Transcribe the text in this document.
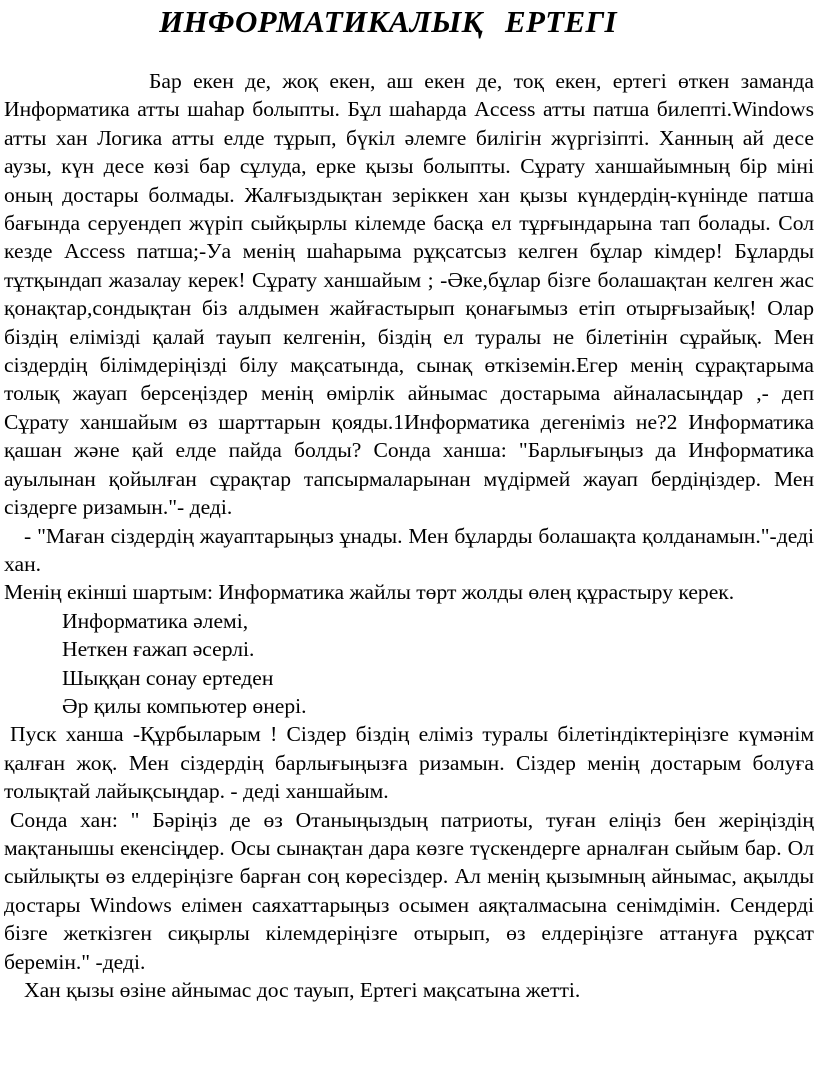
ИНФОРМАТИКАЛЫҚ ЕРТЕГІ

Бар екен де, жоқ екен, аш екен де, тоқ екен, ертегі өткен заманда Информатика атты шаһар болыпты. Бұл шаһарда Access атты патша билепті.Windows атты хан Логика атты елде тұрып, бүкіл әлемге билігін жүргізіпті. Ханның ай десе аузы, күн десе көзі бар сұлуда, ерке қызы болыпты. Сұрату ханшайымның бір міні оның достары болмады. Жалғыздықтан зеріккен хан қызы күндердің-күнінде патша бағында серуендеп жүріп сыйқырлы кілемде басқа ел тұрғындарына тап болады. Сол кезде Access патша;-Уа менің шаһарыма рұқсатсыз келген бұлар кімдер! Бұларды тұтқындап жазалау керек! Сұрату ханшайым ; -Әке,бұлар бізге болашақтан келген жас қонақтар,сондықтан біз алдымен жайғастырып қонағымыз етіп отырғызайық! Олар біздің елімізді қалай тауып келгенін, біздің ел туралы не білетінін сұрайық. Мен сіздердің білімдеріңізді білу мақсатында, сынақ өткіземін.Егер менің сұрақтарыма толық жауап берсеңіздер менің өмірлік айнымас достарыма айналасыңдар ,- деп Сұрату ханшайым өз шарттарын қояды.1Информатика дегеніміз не?2 Информатика қашан және қай елде пайда болды? Сонда ханша: "Барлығыңыз да Информатика ауылынан қойылған сұрақтар тапсырмаларынан мүдірмей жауап бердіңіздер. Мен сіздерге ризамын."- деді.

- "Маған сіздердің жауаптарыңыз ұнады. Мен бұларды болашақта қолданамын."-деді хан.

Менің екінші шартым: Информатика жайлы төрт жолды өлең құрастыру керек.

Информатика әлемі,
Неткен ғажап әсерлі.
Шыққан сонау ертеден
Әр қилы компьютер өнері.

Пуск ханша -Құрбыларым ! Сіздер біздің еліміз туралы білетіндіктеріңізге күмәнім қалған жоқ. Мен сіздердің барлығыңызға ризамын. Сіздер менің достарым болуға толықтай лайықсыңдар. - деді ханшайым.

Сонда хан: " Бәріңіз де өз Отаныңыздың патриоты, туған еліңіз бен жеріңіздің мақтанышы екенсіңдер. Осы сынақтан дара көзге түскендерге арналған сыйым бар. Ол сыйлықты өз елдеріңізге барған соң көресіздер. Ал менің қызымның айнымас, ақылды достары Windows елімен саяхаттарыңыз осымен аяқталмасына сенімдімін. Сендерді бізге жеткізген сиқырлы кілемдеріңізге отырып, өз елдеріңізге аттануға рұқсат беремін." -деді.

Хан қызы өзіне айнымас дос тауып, Ертегі мақсатына жетті.
